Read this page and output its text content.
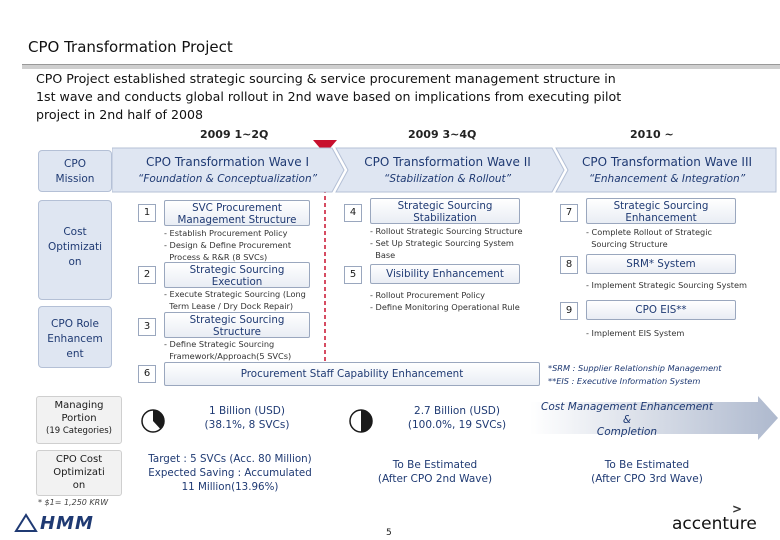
CPO Transformation Project
CPO Project established strategic sourcing & service procurement management structure in
1st wave and conducts global rollout in 2nd wave based on implications from executing pilot
project in 2nd half of 2008
2009 1~2Q	2009 3~4Q	2010 ~
CPO Transformation Wave I
“Foundation & Conceptualization”
CPO Transformation Wave II
“Stabilization & Rollout”
CPO Transformation Wave III
“Enhancement & Integration”
CPO
Mission
Cost
Optimizati
on
CPO Role
Enhancem
ent
1	SVC Procurement
Management Structure
- Establish Procurement Policy
- Design & Define Procurement
Process & R&R (8 SVCs)
2	Strategic Sourcing
Execution
- Execute Strategic Sourcing (Long
Term Lease / Dry Dock Repair)
3
Strategic Sourcing
Structure
- Define Strategic Sourcing
Framework/Approach(5 SVCs)
6	Procurement Staff Capability Enhancement
4
Strategic Sourcing
Stabilization
- Rollout Strategic Sourcing Structure
- Set Up Strategic Sourcing System
Base
5	Visibility Enhancement
- Rollout Procurement Policy
- Define Monitoring Operational Rule
7
Strategic Sourcing
Enhancement
- Complete Rollout of Strategic
Sourcing Structure
8	SRM* System
- Implement Strategic Sourcing System
9	CPO EIS**
- Implement EIS System
*SRM : Supplier Relationship Management
**EIS : Executive Information System
Managing
Portion
(19 Categories)
1 Billion (USD)
(38.1%, 8 SVCs)
2.7 Billion (USD)
(100.0%, 19 SVCs)
Cost Management Enhancement
&
Completion
CPO Cost
Optimizati
on
Target : 5 SVCs (Acc. 80 Million)
Expected Saving : Accumulated
11 Million(13.96%)
To Be Estimated
(After CPO 2nd Wave)
To Be Estimated
(After CPO 3rd Wave)
* $1= 1,250 KRW
HMM	5
>
accenture
